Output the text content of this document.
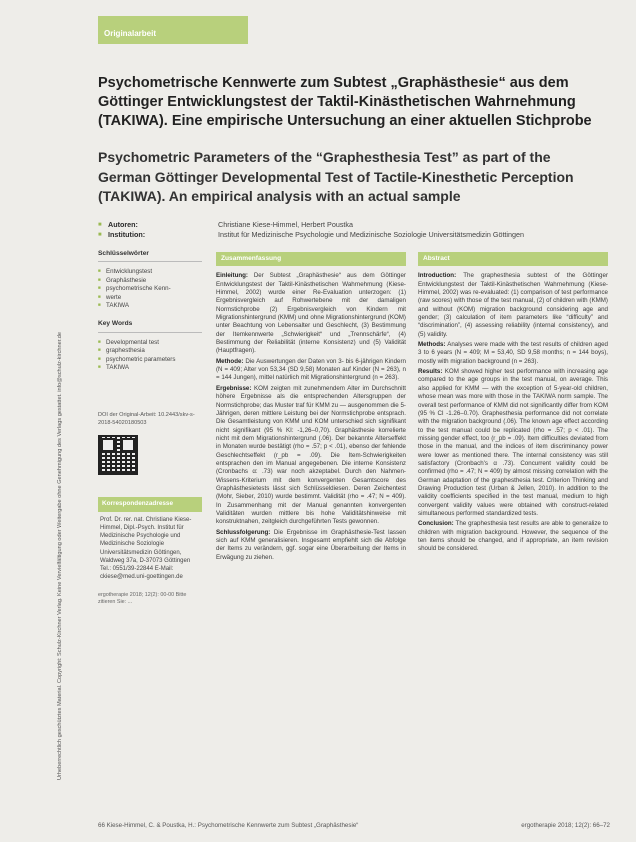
Urheberrechtlich geschütztes Material. Copyright: Schulz-Kirchner Verlag. Keine Vervielfältigung oder Weitergabe ohne Genehmigung des Verlags gestattet. info@schulz-kirchner.de
Originalarbeit
Psychometrische Kennwerte zum Subtest „Graphästhesie“ aus dem Göttinger Entwicklungstest der Taktil-Kinästhetischen Wahrnehmung (TAKIWA). Eine empirische Untersuchung an einer aktuellen Stichprobe
Psychometric Parameters of the “Graphesthesia Test” as part of the German Göttinger Developmental Test of Tactile-Kinesthetic Perception (TAKIWA). An empirical analysis with an actual sample
■ Autoren:	Christiane Kiese-Himmel, Herbert Poustka
■ Institution:	Institut für Medizinische Psychologie und Medizinische Soziologie Universitätsmedizin Göttingen
Schlüsselwörter
■ Entwicklungstest
■ Graphästhesie
■ psychometrische Kenn-
■ werte
■ TAKIWA
Key Words
■ Developmental test
■ graphesthesia
■ psychometric parameters
■ TAKIWA
DOI der Original-Arbeit: 10.2443/skv-s-2018-54020180503
Korrespondenzadresse
Prof. Dr. rer. nat. Christiane Kiese-Himmel, Dipl.-Psych. Institut für Medizinische Psychologie und Medizinische Soziologie Universitätsmedizin Göttingen, Waldweg 37a, D-37073 Göttingen Tel.: 0551/39-22844 E-Mail: ckiese@med.uni-goettingen.de
ergotherapie 2018; 12(2): 00-00 Bitte zitieren Sie: ...
Zusammenfassung

Einleitung: Der Subtest „Graphästhesie“ aus dem Göttinger Entwicklungstest der Taktil-Kinästhetischen Wahrnehmung (Kiese-Himmel, 2002) wurde einer Re-Evaluation unterzogen: (1) Ergebnisvergleich auf Rohwertebene mit der damaligen Normstichprobe (2) Ergebnisvergleich von Kindern mit Migrationshintergrund (KMM) und ohne Migrationshintergrund (KOM) unter Beachtung von Lebensalter und Geschlecht, (3) Bestimmung der Itemkennwerte „Schwierigkeit“ und „Trennschärfe“, (4) Bestimmung der Reliabilität (interne Konsistenz) und (5) Validität (Hauptfragen).

Methode: Die Auswertungen der Daten von 3- bis 6-jährigen Kindern (N = 409; Alter von 53,34 (SD 9,58) Monaten auf Kinder (N = 263), n = 144 Jungen), mittel natürlich mit Migrationshintergrund (n = 263).

Ergebnisse: KOM zeigten mit zunehmendem Alter im Durchschnitt höhere Ergebnisse als die entsprechenden Altersgruppen der Normstichprobe; das Muster traf für KMM zu — ausgenommen die 5-Jährigen, deren mittlere Leistung bei der Normstichprobe entsprach. Die Gesamtleistung von KMM und KOM unterschied sich signifikant nicht signifikant (95 % KI: -1,26–0,70). Graphästhesie korrelierte nicht mit dem Migrationshintergrund (.06). Der bekannte Alterseffekt in Monaten wurde bestätigt (rho = .57; p < .01), ebenso der fehlende Geschlechtseffekt (r_pb = .09). Die Item-Schwierigkeiten entsprachen den im Manual angegebenen. Die interne Konsistenz (Cronbachs α: .73) war noch akzeptabel. Durch den Nahmen-Wissens-Kriterium mit dem konvergenten Gesamtscore des Graphästhesietests lässt sich Schlüsseldiesen. Deren Zeichentest (Mohr, Sieber, 2010) wurde bestimmt. Validität (rho = .47; N = 409). In Zusammenhang mit der Manual genannten konvergenten Validitäten wurden mittlere bis hohe Validitätshinweise mit konstruktnahen, zeitgleich durchgeführten Tests gewonnen.

Schlussfolgerung: Die Ergebnisse im Graphästhesie-Test lassen sich auf KMM generalisieren. Insgesamt empfiehlt sich die Abfolge der Items zu verändern, ggf. sogar eine Überarbeitung der Items in Erwägung zu ziehen.

Abstract

Introduction: The graphesthesia subtest of the Göttinger Entwicklungstest der Taktil-Kinästhetischen Wahrnehmung (Kiese-Himmel, 2002) was re-evaluated: (1) comparison of test performance (raw scores) with those of the test manual, (2) of children with (KMM) and without (KOM) migration background considering age and gender; (3) calculation of item parameters like “difficulty” and “discrimination”, (4) assessing reliability (internal consistency), and (5) validity.

Methods: Analyses were made with the test results of children aged 3 to 6 years (N = 409; M = 53,40, SD 9,58 months; n = 144 boys), mostly with migration background (n = 263).

Results: KOM showed higher test performance with increasing age compared to the age groups in the test manual, on average. This also applied for KMM — with the exception of 5-year-old children, whose mean was more with those in the TAKIWA norm sample. The overall test performance of KMM did not significantly differ from KOM (95 % CI -1.26–0.70). Graphesthesia performance did not correlate with the migration background (.06). The known age effect according to the test manual could be replicated (rho = .57; p < .01). The missing gender effect, too (r_pb = .09). Item difficulties deviated from those in the manual, and the indices of item discriminancy power were lower as mentioned there. The internal consistency was still satisfactory (Cronbach's α .73). Concurrent validity could be confirmed (rho = .47; N = 409) by almost missing correlation with the German adaptation of the graphesthesia test. Criterion Thinking and Drawing Production test (Urban & Jellen, 2010). In addition to the validity coefficients specified in the test manual, medium to high convergent validity values were obtained with construct-related simultaneous performed standardized tests.

Conclusion: The graphesthesia test results are able to generalize to children with migration background. However, the sequence of the ten items should be changed, and if appropriate, an item revision should be considered.

66 Kiese-Himmel, C. & Poustka, H.: Psychometrische Kennwerte zum Subtest „Graphästhesie“	ergotherapie 2018; 12(2): 66–72
